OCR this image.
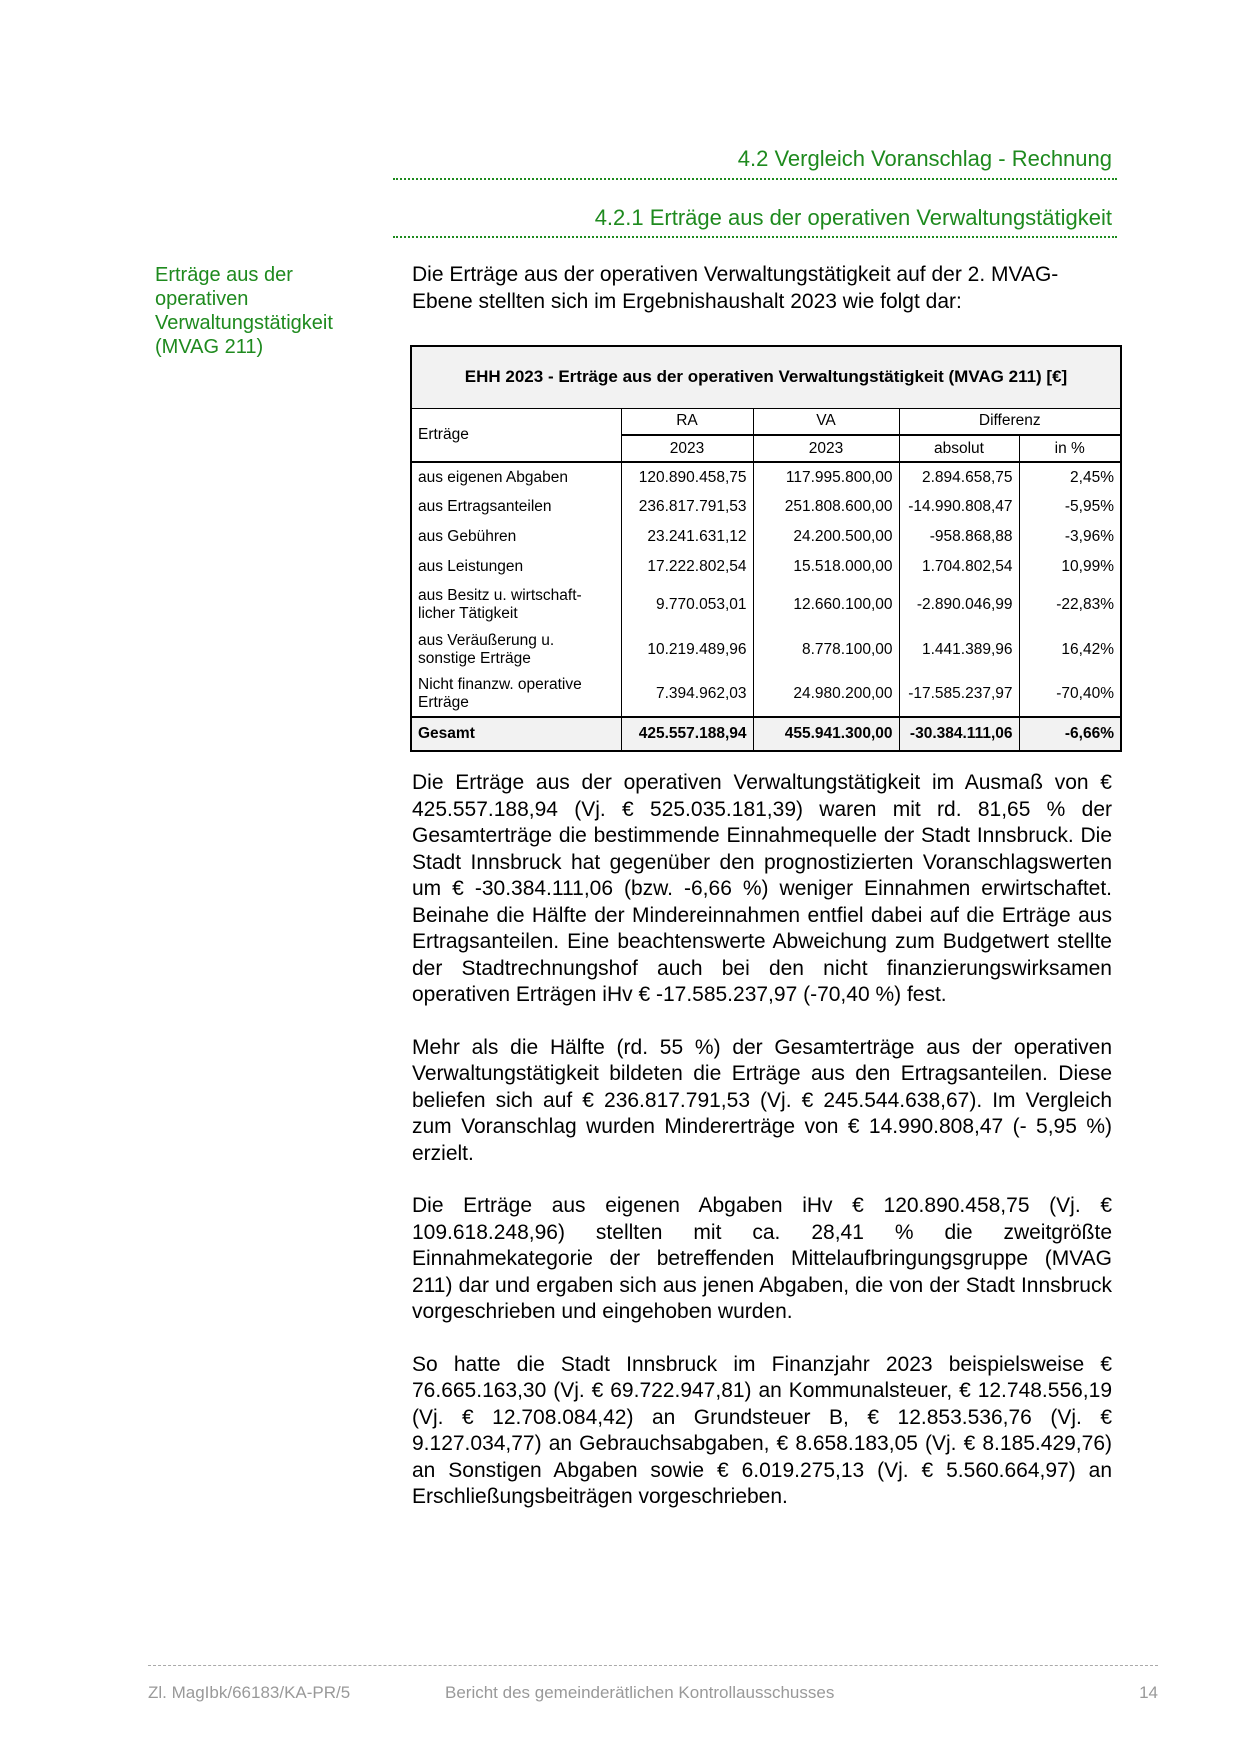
4.2 Vergleich Voranschlag - Rechnung
4.2.1 Erträge aus der operativen Verwaltungstätigkeit
Erträge aus der operativen Verwaltungstätigkeit (MVAG 211)
Die Erträge aus der operativen Verwaltungstätigkeit auf der 2. MVAG-Ebene stellten sich im Ergebnishaushalt 2023 wie folgt dar:
EHH 2023 - Erträge aus der operativen Verwaltungstätigkeit (MVAG 211) [€]				
Erträge	RA	VA	Differenz	
	2023	2023	absolut	in %
aus eigenen Abgaben	120.890.458,75	117.995.800,00	2.894.658,75	2,45%
aus Ertragsanteilen	236.817.791,53	251.808.600,00	-14.990.808,47	-5,95%
aus Gebühren	23.241.631,12	24.200.500,00	-958.868,88	-3,96%
aus Leistungen	17.222.802,54	15.518.000,00	1.704.802,54	10,99%
aus Besitz u. wirtschaft-licher Tätigkeit	9.770.053,01	12.660.100,00	-2.890.046,99	-22,83%
aus Veräußerung u. sonstige Erträge	10.219.489,96	8.778.100,00	1.441.389,96	16,42%
Nicht finanzw. operative Erträge	7.394.962,03	24.980.200,00	-17.585.237,97	-70,40%
Gesamt	425.557.188,94	455.941.300,00	-30.384.111,06	-6,66%

Die Erträge aus der operativen Verwaltungstätigkeit im Ausmaß von € 425.557.188,94 (Vj. € 525.035.181,39) waren mit rd. 81,65 % der Gesamterträge die bestimmende Einnahmequelle der Stadt Innsbruck. Die Stadt Innsbruck hat gegenüber den prognostizierten Voranschlagswerten um € -30.384.111,06 (bzw. -6,66 %) weniger Einnahmen erwirtschaftet. Beinahe die Hälfte der Mindereinnahmen entfiel dabei auf die Erträge aus Ertragsanteilen. Eine beachtenswerte Abweichung zum Budgetwert stellte der Stadtrechnungshof auch bei den nicht finanzierungswirksamen operativen Erträgen iHv € -17.585.237,97 (-70,40 %) fest.

Mehr als die Hälfte (rd. 55 %) der Gesamterträge aus der operativen Verwaltungstätigkeit bildeten die Erträge aus den Ertragsanteilen. Diese beliefen sich auf € 236.817.791,53 (Vj. € 245.544.638,67). Im Vergleich zum Voranschlag wurden Mindererträge von € 14.990.808,47 (- 5,95 %) erzielt.

Die Erträge aus eigenen Abgaben iHv € 120.890.458,75 (Vj. € 109.618.248,96) stellten mit ca. 28,41 % die zweitgrößte Einnahmekategorie der betreffenden Mittelaufbringungsgruppe (MVAG 211) dar und ergaben sich aus jenen Abgaben, die von der Stadt Innsbruck vorgeschrieben und eingehoben wurden.

So hatte die Stadt Innsbruck im Finanzjahr 2023 beispielsweise € 76.665.163,30 (Vj. € 69.722.947,81) an Kommunalsteuer, € 12.748.556,19 (Vj. € 12.708.084,42) an Grundsteuer B, € 12.853.536,76 (Vj. € 9.127.034,77) an Gebrauchsabgaben, € 8.658.183,05 (Vj. € 8.185.429,76) an Sonstigen Abgaben sowie € 6.019.275,13 (Vj. € 5.560.664,97) an Erschließungsbeiträgen vorgeschrieben.

Zl. MagIbk/66183/KA-PR/5	Bericht des gemeinderätlichen Kontrollausschusses	14
